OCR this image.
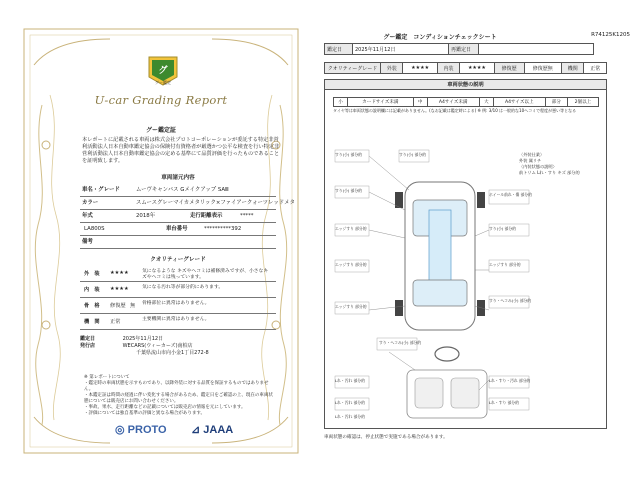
グ
グー鑑定
U-car Grading Report
グー鑑定証
本レポートに記載される車両は株式会社プロトコーポレーションが委託する特定非営利活動法人日本自動車鑑定協会の保険付有資格者が厳選かつ公平な検査を行い特定非営利活動法人日本自動車鑑定協会の定める基準にて品質評価を行ったものであることを証明致します。
車両諸元内容
車名・グレード	ムーヴキャンバス Gメイクアップ SAⅢ
カラー	スムースグレーマイカメタリック×ファイアークォーツレッドメタ
年式	2018年	走行距離表示	*****
LA800S	車台番号	**********392
備考
クオリティーグレード
外　装 ★★★★	気になるような キズやヘコミは補修済みですが、小さなキズやヘコミは残っています。
内　装 ★★★★	気になる汚れ等が部分的にあります。
骨　格 修復歴 無 骨格部位に異常はありません。
機　関 正常	主要機関に異常はありません。
鑑定日	2025年11月12日
発行店	WECARS(ウィーカーズ)南柏店
千葉県流山市向小金1丁目272-8
※ 第レポートについて
・鑑定時の車両状態を示すものであり、以降外装に対する品質を保証するものではありません。
・本鑑定証は時間の経過に伴い変化する場合があるため、鑑定日をご確認の上、現在の車両状態については販売店にお問い合わせください。
・事故、果水、走行距離などの記載については販売店の情報を元にしています。
・評価については独自基準の評価と異なる場合があります。
◎ PROTO ⊿ JAAA
グー鑑定　コンディションチェックシート	R74125K1205
鑑定日	2025年11月12日	再鑑定日	
クオリティーグレード	外装	★★★★	内装	★★★★	修復歴	修復歴無	機関	正常
車両状態の説明
小	カードサイズ未満	中	A4サイズ未満	大	A4サイズ以上	部分	2個以上
タイヤ等は車両状態の説明欄には記載がありません。(なお記載は鑑定時による) ※ 例: 3/10 は一般的な10ヘコミで程度が悪い等となる
〈外装仕業〉
外装 属リチ
〈内装状態の説明〉
前トリム Lれ・すり キズ 部分的
すり(小) 部分的	すり(小) 部分的
すり(小) 部分的
エッジすり 部分的
ホイール前れ・傷 部分的
すり(小) 部分的
エッジすり 部分的	エッジすり 部分的
すり・ヘコみ(小) 部分的
エッジすり 部分的
すり・ヘコみ(小) 部分的
Lれ・汚れ 部分的	Lれ・すり・汚れ 部分的
Lれ・汚れ 部分的	Lれ・すり 部分的
Lれ・汚れ 部分的
車両状態の確認は、停止状態で実施である場合があります。
